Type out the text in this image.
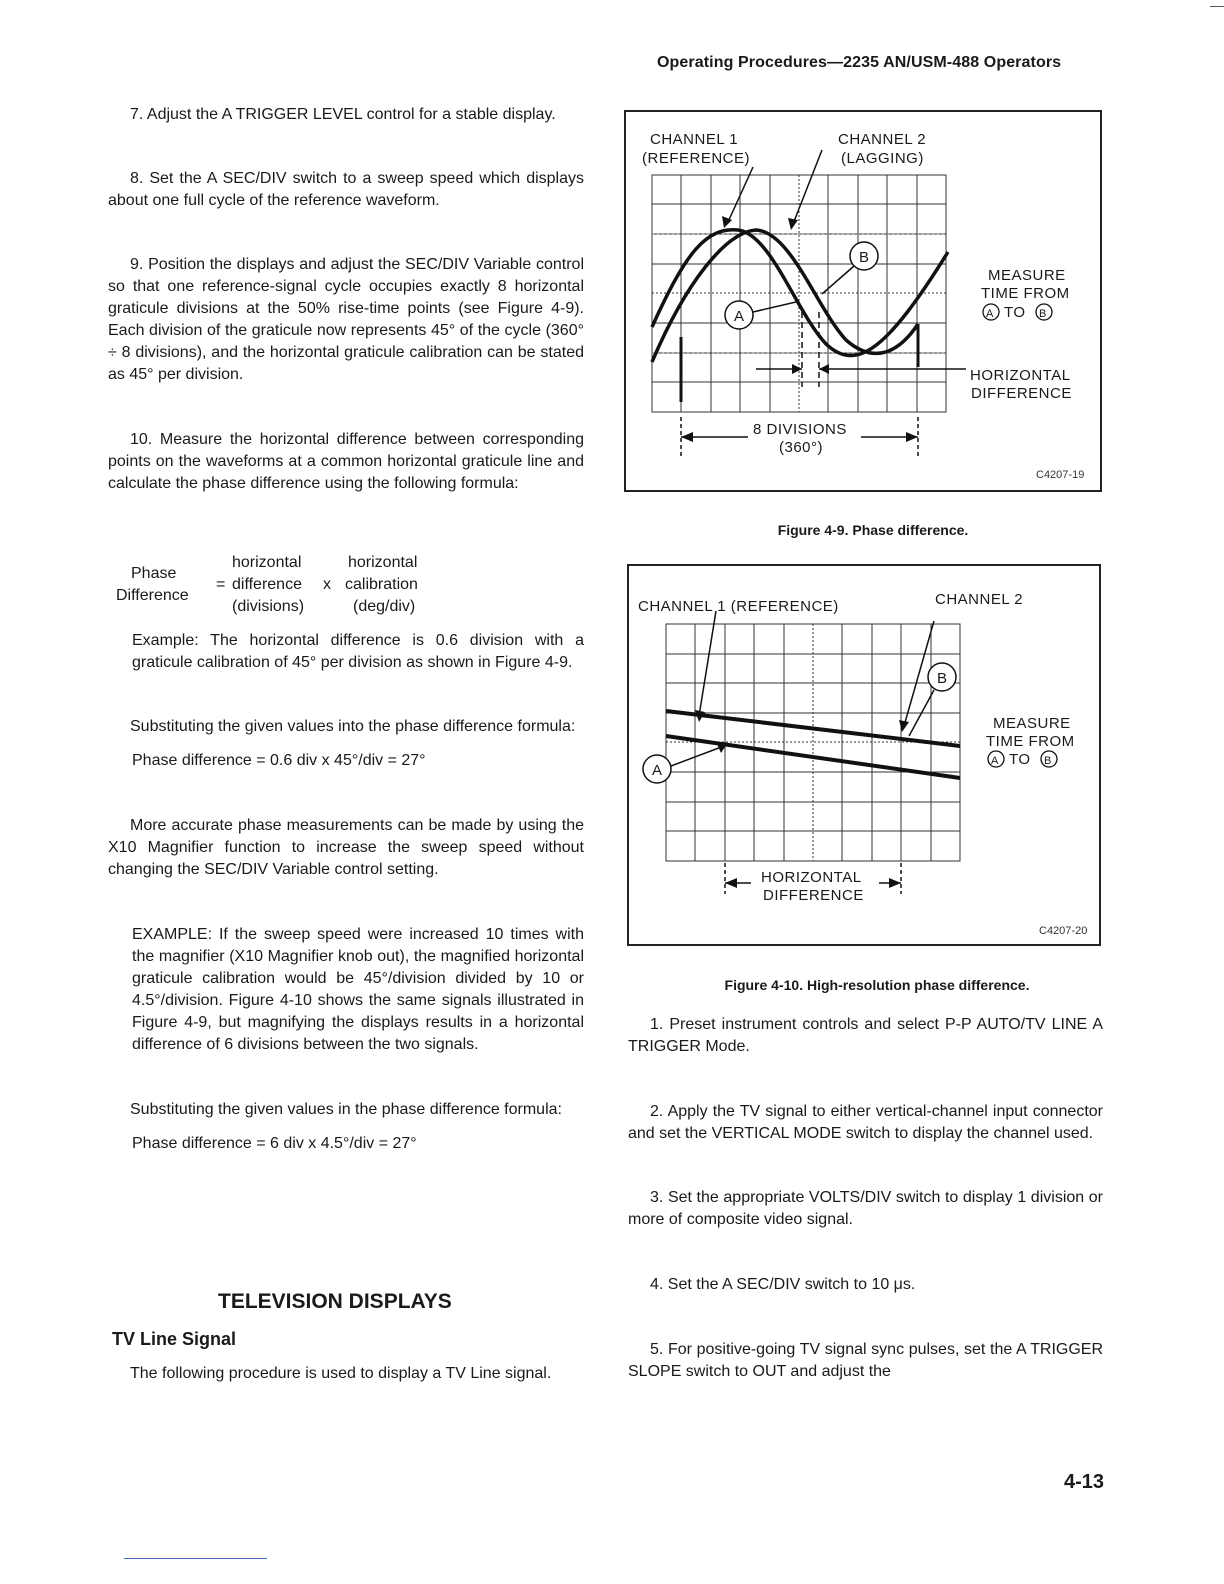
Operating Procedures—2235 AN/USM-488 Operators

7. Adjust the A TRIGGER LEVEL control for a stable display.

8. Set the A SEC/DIV switch to a sweep speed which displays about one full cycle of the reference waveform.

9. Position the displays and adjust the SEC/DIV Variable control so that one reference-signal cycle occupies exactly 8 horizontal graticule divisions at the 50% rise-time points (see Figure 4-9). Each division of the graticule now represents 45° of the cycle (360° ÷ 8 divisions), and the horizontal graticule calibration can be stated as 45° per division.

10. Measure the horizontal difference between corresponding points on the waveforms at a common horizontal graticule line and calculate the phase difference using the following formula:

Phase
Difference
=
horizontal
difference
(divisions)
x
horizontal
calibration
(deg/div)

Example: The horizontal difference is 0.6 division with a graticule calibration of 45° per division as shown in Figure 4-9.

Substituting the given values into the phase difference formula:

Phase difference = 0.6 div x 45°/div = 27°

More accurate phase measurements can be made by using the X10 Magnifier function to increase the sweep speed without changing the SEC/DIV Variable control setting.

EXAMPLE: If the sweep speed were increased 10 times with the magnifier (X10 Magnifier knob out), the magnified horizontal graticule calibration would be 45°/division divided by 10 or 4.5°/division. Figure 4-10 shows the same signals illustrated in Figure 4-9, but magnifying the displays results in a horizontal difference of 6 divisions between the two signals.

Substituting the given values in the phase difference formula:

Phase difference = 6 div x 4.5°/div = 27°

TELEVISION DISPLAYS
TV Line Signal

The following procedure is used to display a TV Line signal.

CHANNEL 1
(REFERENCE)
CHANNEL 2
(LAGGING)
A
B
MEASURE
TIME FROM
A TO B
HORIZONTAL
DIFFERENCE
8 DIVISIONS
(360°)
C4207-19
Figure 4-9. Phase difference.
CHANNEL 1 (REFERENCE)	CHANNEL 2
A
B
MEASURE
TIME FROM
A TO B
HORIZONTAL
DIFFERENCE
C4207-20
Figure 4-10. High-resolution phase difference.

1. Preset instrument controls and select P-P AUTO/TV LINE A TRIGGER Mode.

2. Apply the TV signal to either vertical-channel input connector and set the VERTICAL MODE switch to display the channel used.

3. Set the appropriate VOLTS/DIV switch to display 1 division or more of composite video signal.

4. Set the A SEC/DIV switch to 10 μs.

5. For positive-going TV signal sync pulses, set the A TRIGGER SLOPE switch to OUT and adjust the

4-13
